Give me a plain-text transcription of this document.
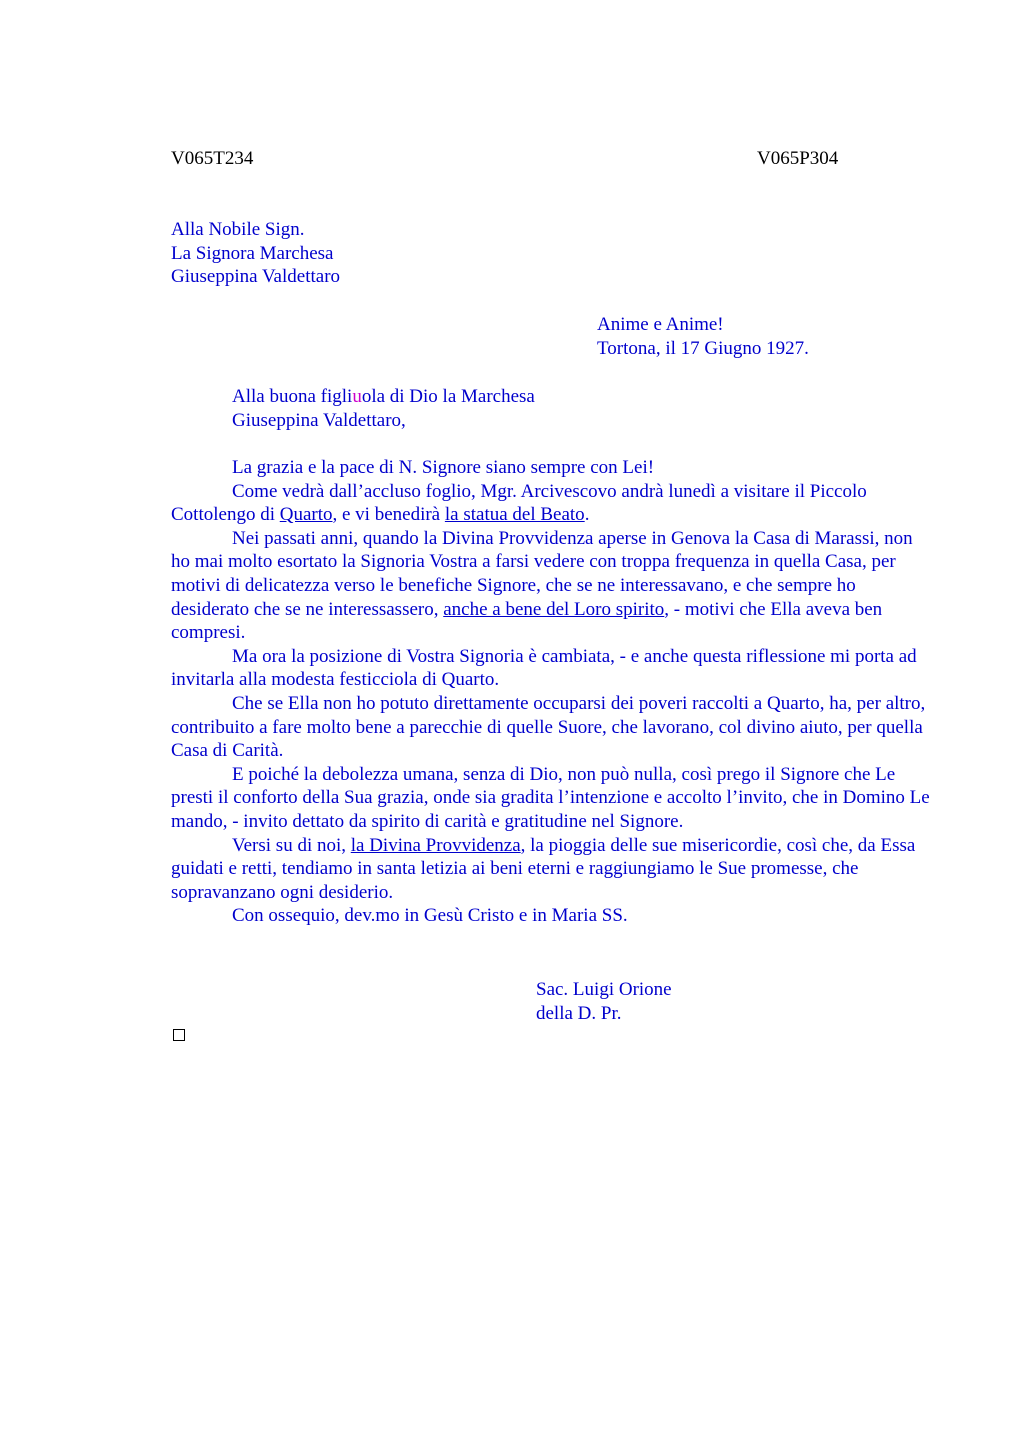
V065T234	V065P304
Alla Nobile Sign.
La Signora Marchesa
Giuseppina Valdettaro
Anime e Anime!
Tortona, il 17 Giugno 1927.
Alla buona figliuola di Dio la Marchesa
Giuseppina Valdettaro,

La grazia e la pace di N. Signore siano sempre con Lei!

Come vedrà dall’accluso foglio, Mgr. Arcivescovo andrà lunedì a visitare il Piccolo Cottolengo di Quarto, e vi benedirà la statua del Beato.

Nei passati anni, quando la Divina Provvidenza aperse in Genova la Casa di Marassi, non ho mai molto esortato la Signoria Vostra a farsi vedere con troppa frequenza in quella Casa, per motivi di delicatezza verso le benefiche Signore, che se ne interessavano, e che sempre ho desiderato che se ne interessassero, anche a bene del Loro spirito, - motivi che Ella aveva ben compresi.

Ma ora la posizione di Vostra Signoria è cambiata, - e anche questa riflessione mi porta ad invitarla alla modesta festicciola di Quarto.

Che se Ella non ho potuto direttamente occuparsi dei poveri raccolti a Quarto, ha, per altro, contribuito a fare molto bene a parecchie di quelle Suore, che lavorano, col divino aiuto, per quella Casa di Carità.

E poiché la debolezza umana, senza di Dio, non può nulla, così prego il Signore che Le presti il conforto della Sua grazia, onde sia gradita l’intenzione e accolto l’invito, che in Domino Le mando, - invito dettato da spirito di carità e gratitudine nel Signore.

Versi su di noi, la Divina Provvidenza, la pioggia delle sue misericordie, così che, da Essa guidati e retti, tendiamo in santa letizia ai beni eterni e raggiungiamo le Sue promesse, che sopravanzano ogni desiderio.

Con ossequio, dev.mo in Gesù Cristo e in Maria SS.

Sac. Luigi Orione
della D. Pr.
